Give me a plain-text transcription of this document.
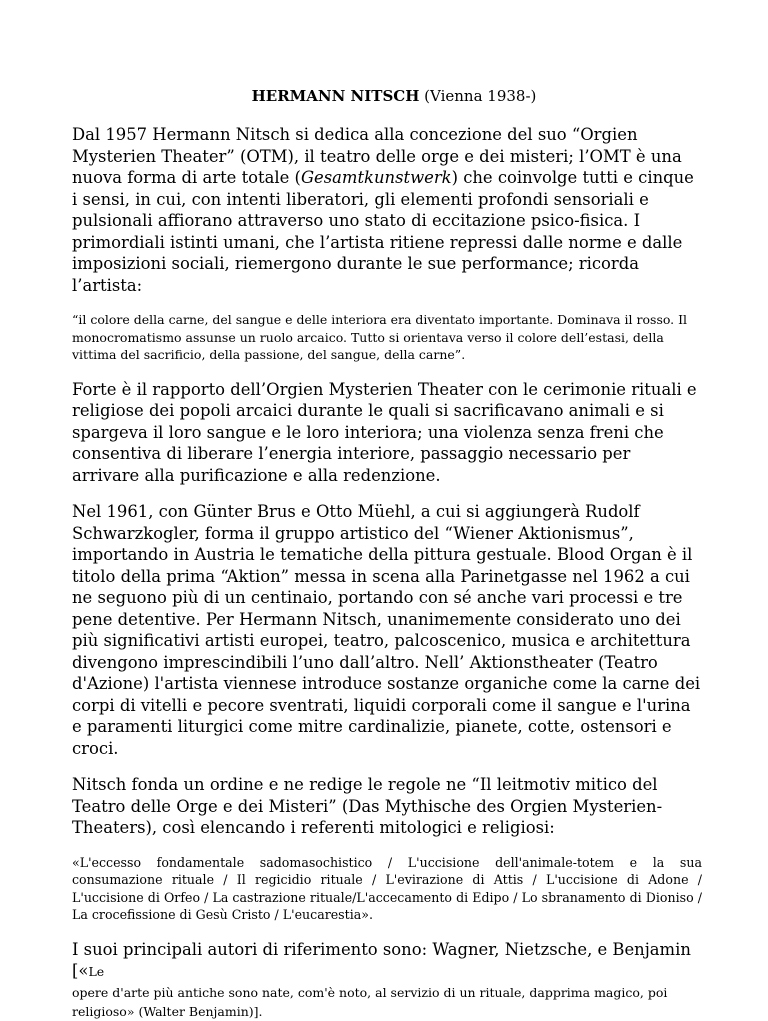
HERMANN NITSCH (Vienna 1938-)

Dal 1957 Hermann Nitsch si dedica alla concezione del suo “Orgien Mysterien Theater” (OTM), il teatro delle orge e dei misteri; l’OMT è una nuova forma di arte totale (Gesamtkunstwerk) che coinvolge tutti e cinque i sensi, in cui, con intenti liberatori, gli elementi profondi sensoriali e pulsionali affiorano attraverso uno stato di eccitazione psico-fisica. I primordiali istinti umani, che l’artista ritiene repressi dalle norme e dalle imposizioni sociali, riemergono durante le sue performance; ricorda l’artista:

“il colore della carne, del sangue e delle interiora era diventato importante. Dominava il rosso. Il monocromatismo assunse un ruolo arcaico. Tutto si orientava verso il colore dell’estasi, della vittima del sacrificio, della passione, del sangue, della carne”.

Forte è il rapporto dell’Orgien Mysterien Theater con le cerimonie rituali e religiose dei popoli arcaici durante le quali si sacrificavano animali e si spargeva il loro sangue e le loro interiora; una violenza senza freni che consentiva di liberare l’energia interiore, passaggio necessario per arrivare alla purificazione e alla redenzione.

Nel 1961, con Günter Brus e Otto Müehl, a cui si aggiungerà Rudolf Schwarzkogler, forma il gruppo artistico del “Wiener Aktionismus”, importando in Austria le tematiche della pittura gestuale. Blood Organ è il titolo della prima “Aktion” messa in scena alla Parinetgasse nel 1962 a cui ne seguono più di un centinaio, portando con sé anche vari processi e tre pene detentive. Per Hermann Nitsch, unanimemente considerato uno dei più significativi artisti europei, teatro, palcoscenico, musica e architettura divengono imprescindibili l’uno dall’altro. Nell’ Aktionstheater (Teatro d'Azione) l'artista viennese introduce sostanze organiche come la carne dei corpi di vitelli e pecore sventrati, liquidi corporali come il sangue e l'urina e paramenti liturgici come mitre cardinalizie, pianete, cotte, ostensori e croci.

Nitsch fonda un ordine e ne redige le regole ne “Il leitmotiv mitico del Teatro delle Orge e dei Misteri” (Das Mythische des Orgien Mysterien-Theaters), così elencando i referenti mitologici e religiosi:

«L'eccesso fondamentale sadomasochistico / L'uccisione dell'animale-totem e la sua consumazione rituale / Il regicidio rituale / L'evirazione di Attis / L'uccisione di Adone / L'uccisione di Orfeo / La castrazione rituale/L'accecamento di Edipo / Lo sbranamento di Dioniso / La crocefissione di Gesù Cristo / L'eucarestia».

I suoi principali autori di riferimento sono: Wagner, Nietzsche, e Benjamin [«Le
opere d'arte più antiche sono nate, com'è noto, al servizio di un rituale, dapprima magico, poi religioso» (Walter Benjamin)].
